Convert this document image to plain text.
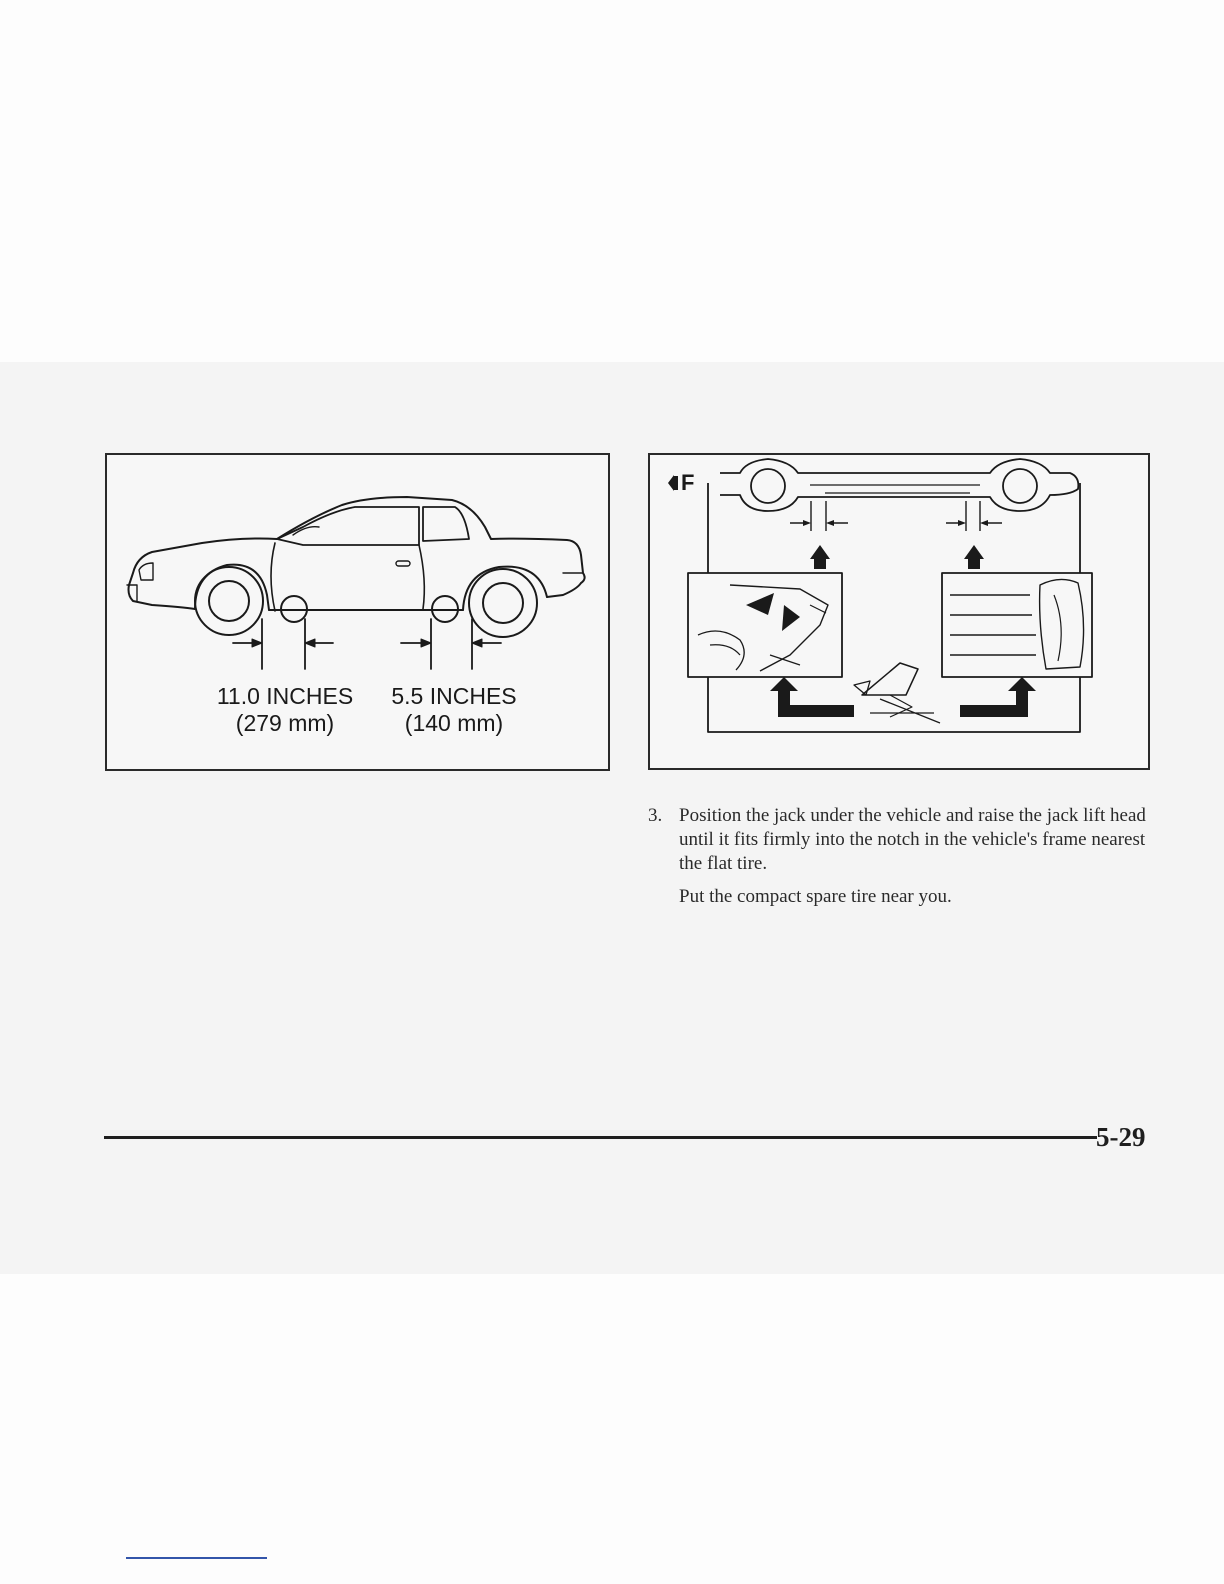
11.0 INCHES
(279 mm)
5.5 INCHES
(140 mm)
F
3. Position the jack under the vehicle and raise the jack lift head until it fits firmly into the notch in the vehicle's frame nearest the flat tire.

Put the compact spare tire near you.

5-29
